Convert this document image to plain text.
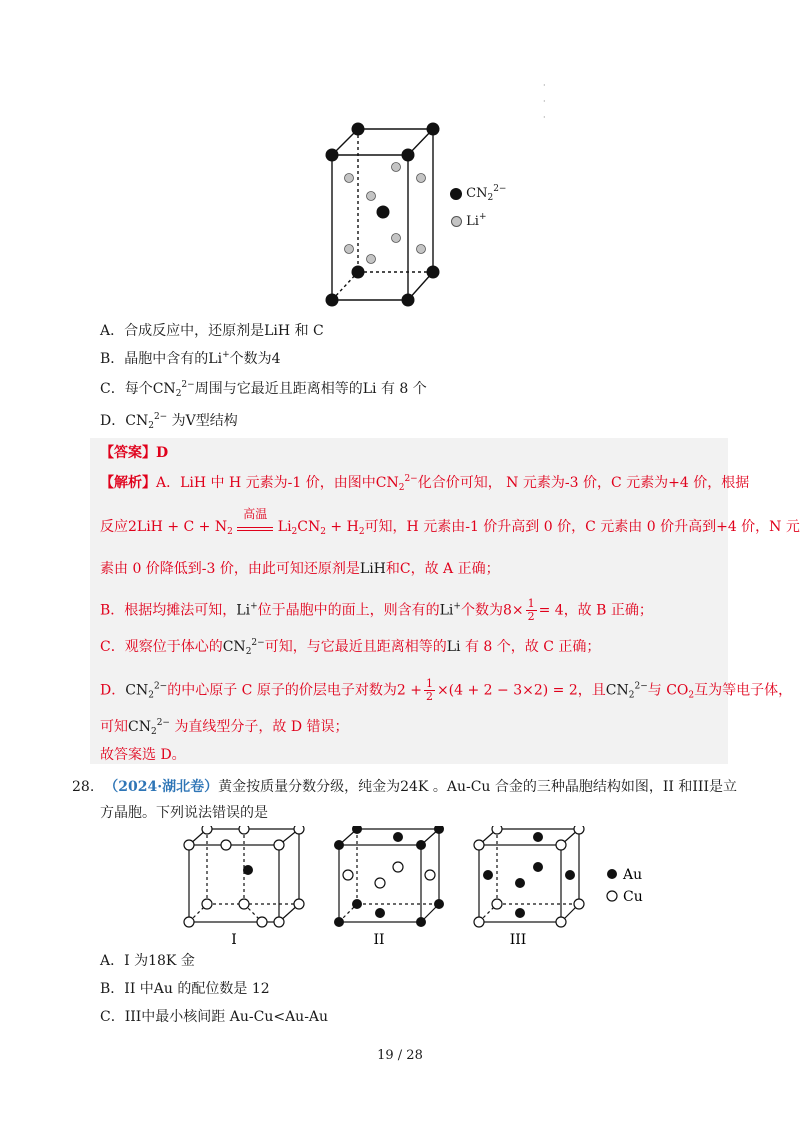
·
·
·
$CN_2^{2-}$
Li+
A．合成反应中，还原剂是LiH 和 C
B．晶胞中含有的Li+个数为4
C．每个$CN_2^{2-}$周围与它最近且距离相等的Li 有 8 个
D．$CN_2^{2-}$ 为V型结构
【答案】D
【解析】A．LiH 中 H 元素为-1 价，由图中$CN_2^{2-}$化合价可知， N 元素为-3 价，C 元素为+4 价，根据
反应$2LiH + C + N_2$
高温
$Li_2CN_2 + H_2$可知，H 元素由-1 价升高到 0 价，C 元素由 0 价升高到+4 价，N 元
素由 0 价降低到-3 价，由此可知还原剂是LiH和C，故 A 正确；
B．根据均摊法可知，Li+位于晶胞中的面上，则含有的Li+个数为$8\times \frac{1}{2} = 4$，故 B 正确；
C．观察位于体心的$CN_2^{2-}$可知，与它最近且距离相等的Li 有 8 个，故 C 正确；
D．$CN_2^{2-}$的中心原子 C 原子的价层电子对数为$2 + \frac{1}{2} \times(4 + 2 - 3\times 2) = 2$，且$CN_2^{2-}$与 $CO_2$互为等电子体，
可知$CN_2^{2-}$ 为直线型分子，故 D 错误；
故答案选 D。
28. （2024·湖北卷）黄金按质量分数分级，纯金为24K 。Au-Cu 合金的三种晶胞结构如图，II 和III是立
方晶胞。下列说法错误的是
I	II	III
Au
Cu
A．I 为18K 金
B．II 中Au 的配位数是 12
C．III中最小核间距 Au-Cu<Au-Au
19 / 28
